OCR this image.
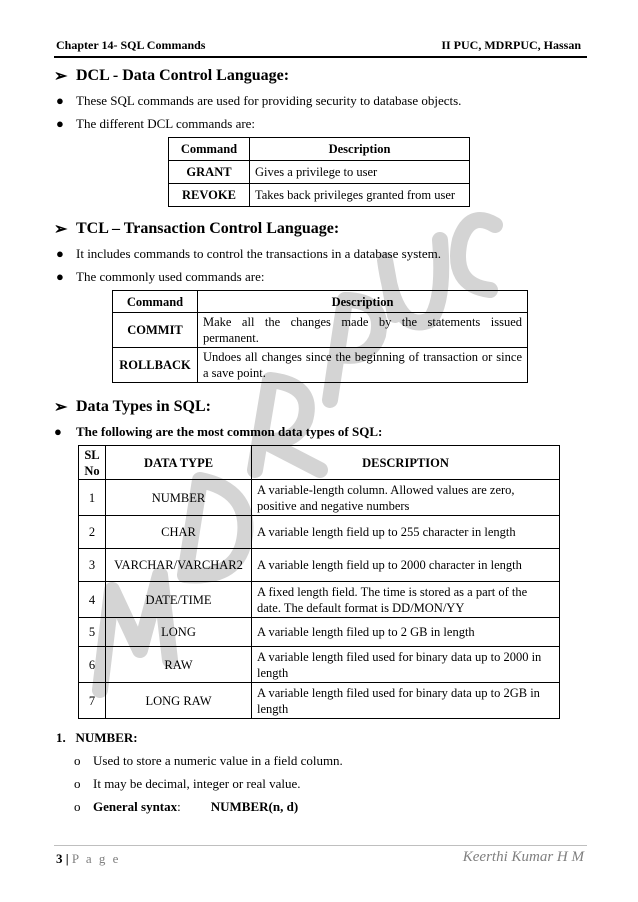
Chapter 14- SQL Commands	II PUC, MDRPUC, Hassan
➢ DCL - Data Control Language:
● These SQL commands are used for providing security to database objects.
● The different DCL commands are:
Command	Description
GRANT	Gives a privilege to user
REVOKE	Takes back privileges granted from user
➢ TCL – Transaction Control Language:
● It includes commands to control the transactions in a database system.
● The commonly used commands are:
Command	Description
COMMIT	Make all the changes made by the statements issued permanent.
ROLLBACK	Undoes all changes since the beginning of transaction or since a save point.
➢ Data Types in SQL:
●	The following are the most common data types of SQL:
SL No	DATA TYPE	DESCRIPTION
1	NUMBER	A variable-length column. Allowed values are zero, positive and negative numbers
2	CHAR	A variable length field up to 255 character in length
3	VARCHAR/VARCHAR2	A variable length field up to 2000 character in length
4	DATE/TIME	A fixed length field. The time is stored as a part of the date. The default format is DD/MON/YY
5	LONG	A variable length filed up to 2 GB in length
6	RAW	A variable length filed used for binary data up to 2000 in length
7	LONG RAW	A variable length filed used for binary data up to 2GB in length
1.   NUMBER:
o Used to store a numeric value in a field column.
o It may be decimal, integer or real value.
o General syntax : NUMBER(n, d)
3 | P a g e	Keerthi Kumar H M
